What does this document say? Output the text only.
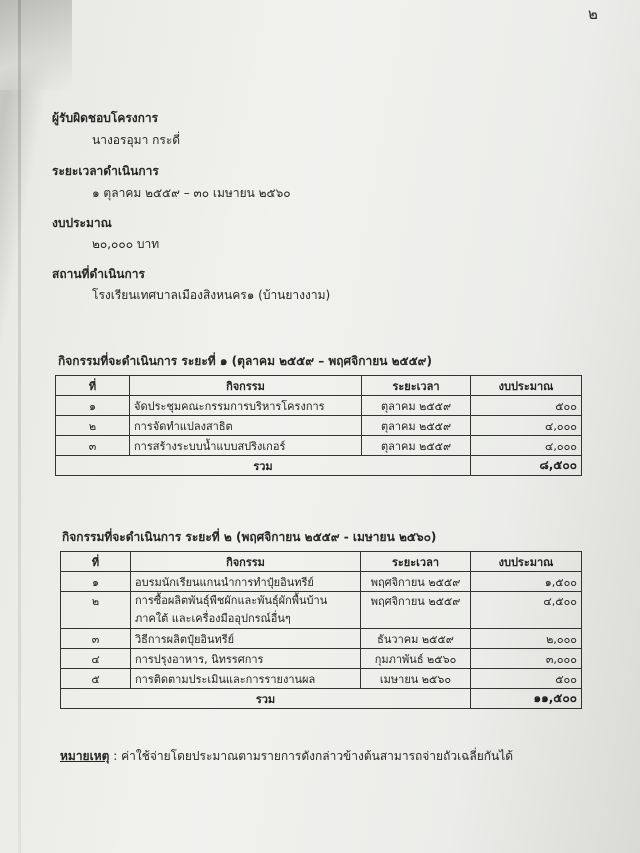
๒
ผู้รับผิดชอบโครงการ
นางอรอุมา กระดี่
ระยะเวลาดำเนินการ
๑ ตุลาคม ๒๕๕๙ – ๓๐ เมษายน ๒๕๖๐
งบประมาณ
๒๐,๐๐๐ บาท
สถานที่ดำเนินการ
โรงเรียนเทศบาลเมืองสิงหนคร๑ (บ้านยางงาม)
กิจกรรมที่จะดำเนินการ ระยะที่ ๑ (ตุลาคม ๒๕๕๙ – พฤศจิกายน ๒๕๕๙)
ที่	กิจกรรม	ระยะเวลา	งบประมาณ
๑	จัดประชุมคณะกรรมการบริหารโครงการ	ตุลาคม ๒๕๕๙	๕๐๐
๒	การจัดทำแปลงสาธิต	ตุลาคม ๒๕๕๙	๔,๐๐๐
๓	การสร้างระบบน้ำแบบสปริงเกอร์	ตุลาคม ๒๕๕๙	๔,๐๐๐
รวม			๘,๕๐๐
กิจกรรมที่จะดำเนินการ ระยะที่ ๒ (พฤศจิกายน ๒๕๕๙ - เมษายน ๒๕๖๐)
ที่	กิจกรรม	ระยะเวลา	งบประมาณ
๑	อบรมนักเรียนแกนนำการทำปุ๋ยอินทรีย์	พฤศจิกายน ๒๕๕๙	๑,๕๐๐
๒	การซื้อผลิตพันธุ์พืชผักและพันธุ์ผักพื้นบ้าน
ภาคใต้ และเครื่องมืออุปกรณ์อื่นๆ	พฤศจิกายน ๒๕๕๙	๔,๕๐๐
๓	วิธีการผลิตปุ๋ยอินทรีย์	ธันวาคม ๒๕๕๙	๒,๐๐๐
๔	การปรุงอาหาร, นิทรรศการ	กุมภาพันธ์ ๒๕๖๐	๓,๐๐๐
๕	การติดตามประเมินและการรายงานผล	เมษายน ๒๕๖๐	๕๐๐
รวม			๑๑,๕๐๐
หมายเหตุ : ค่าใช้จ่ายโดยประมาณตามรายการดังกล่าวข้างต้นสามารถจ่ายถัวเฉลี่ยกันได้
